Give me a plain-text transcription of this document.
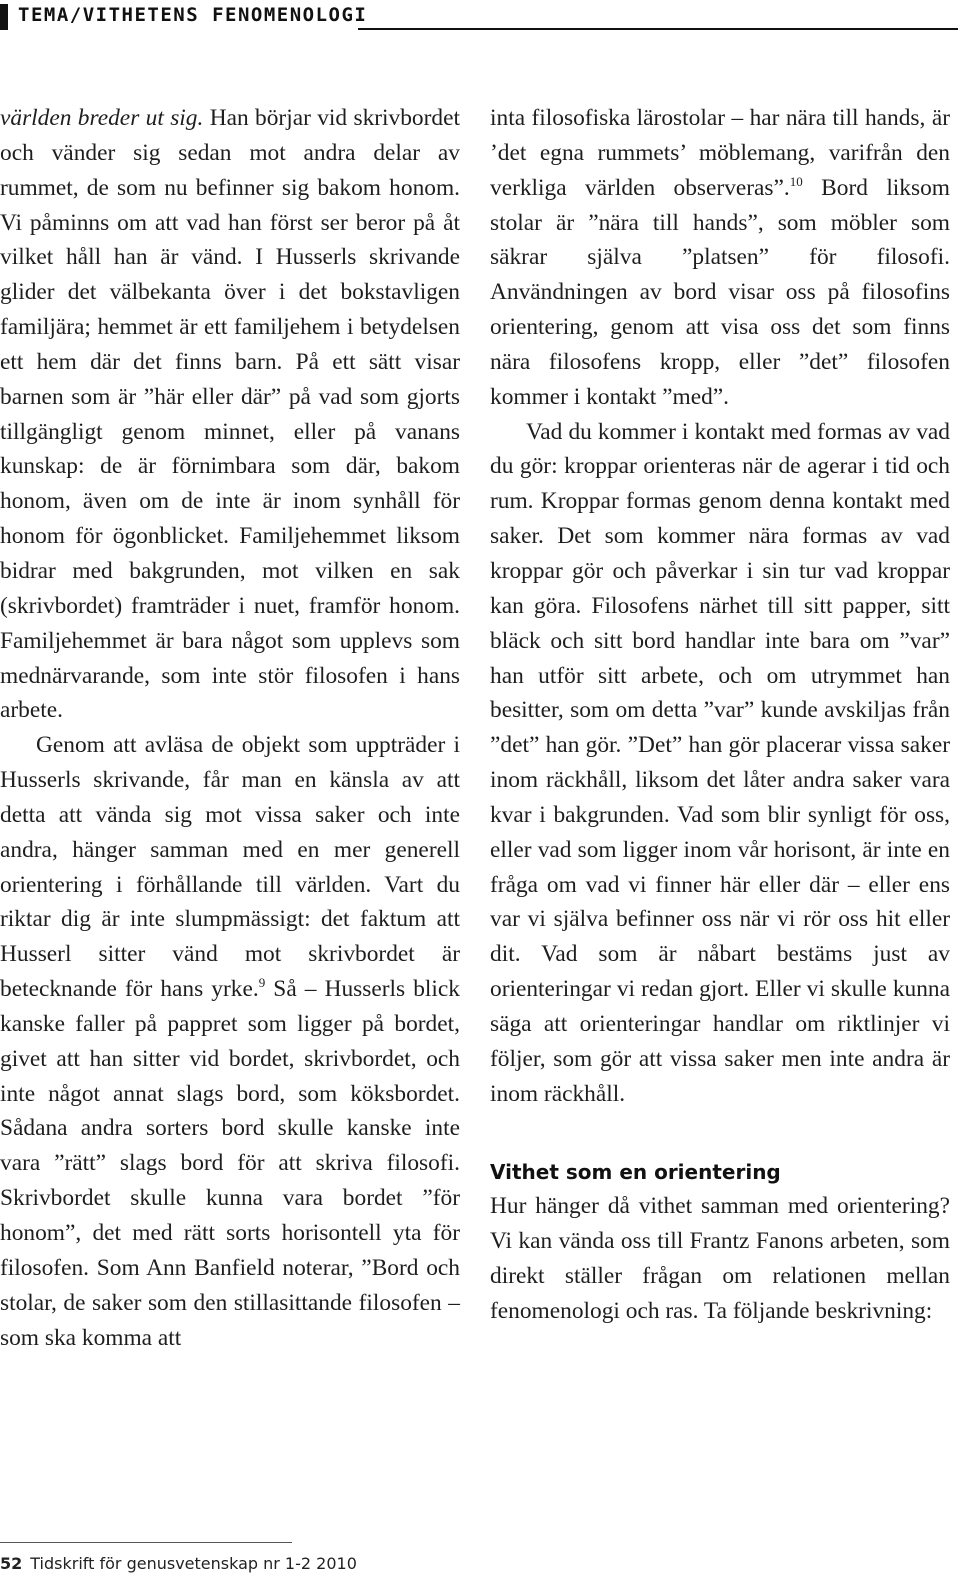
TEMA/VITHETENS FENOMENOLOGI

världen breder ut sig. Han börjar vid skrivbordet och vänder sig sedan mot andra delar av rummet, de som nu befinner sig bakom honom. Vi påminns om att vad han först ser beror på åt vilket håll han är vänd. I Husserls skrivande glider det välbekanta över i det bokstavligen familjära; hemmet är ett familjehem i betydelsen ett hem där det finns barn. På ett sätt visar barnen som är ”här eller där” på vad som gjorts tillgängligt genom minnet, eller på vanans kunskap: de är förnimbara som där, bakom honom, även om de inte är inom synhåll för honom för ögonblicket. Familjehemmet liksom bidrar med bakgrunden, mot vilken en sak (skrivbordet) framträder i nuet, framför honom. Familjehemmet är bara något som upplevs som mednärvarande, som inte stör filosofen i hans arbete.

Genom att avläsa de objekt som uppträder i Husserls skrivande, får man en känsla av att detta att vända sig mot vissa saker och inte andra, hänger samman med en mer generell orientering i förhållande till världen. Vart du riktar dig är inte slumpmässigt: det faktum att Husserl sitter vänd mot skrivbordet är betecknande för hans yrke.$^9$ Så – Husserls blick kanske faller på pappret som ligger på bordet, givet att han sitter vid bordet, skrivbordet, och inte något annat slags bord, som köksbordet. Sådana andra sorters bord skulle kanske inte vara ”rätt” slags bord för att skriva filosofi. Skrivbordet skulle kunna vara bordet ”för honom”, det med rätt sorts horisontell yta för filosofen. Som Ann Banfield noterar, ”Bord och stolar, de saker som den stillasittande filosofen – som ska komma att

inta filosofiska lärostolar – har nära till hands, är ’det egna rummets’ möblemang, varifrån den verkliga världen observeras”.$^{10}$ Bord liksom stolar är ”nära till hands”, som möbler som säkrar själva ”platsen” för filosofi. Användningen av bord visar oss på filosofins orientering, genom att visa oss det som finns nära filosofens kropp, eller ”det” filosofen kommer i kontakt ”med”.

Vad du kommer i kontakt med formas av vad du gör: kroppar orienteras när de agerar i tid och rum. Kroppar formas genom denna kontakt med saker. Det som kommer nära formas av vad kroppar gör och påverkar i sin tur vad kroppar kan göra. Filosofens närhet till sitt papper, sitt bläck och sitt bord handlar inte bara om ”var” han utför sitt arbete, och om utrymmet han besitter, som om detta ”var” kunde avskiljas från ”det” han gör. ”Det” han gör placerar vissa saker inom räckhåll, liksom det låter andra saker vara kvar i bakgrunden. Vad som blir synligt för oss, eller vad som ligger inom vår horisont, är inte en fråga om vad vi finner här eller där – eller ens var vi själva befinner oss när vi rör oss hit eller dit. Vad som är nåbart bestäms just av orienteringar vi redan gjort. Eller vi skulle kunna säga att orienteringar handlar om riktlinjer vi följer, som gör att vissa saker men inte andra är inom räckhåll.

Vithet som en orientering

Hur hänger då vithet samman med orientering? Vi kan vända oss till Frantz Fanons arbeten, som direkt ställer frågan om relationen mellan fenomenologi och ras. Ta följande beskrivning:

52 Tidskrift för genusvetenskap nr 1-2 2010
